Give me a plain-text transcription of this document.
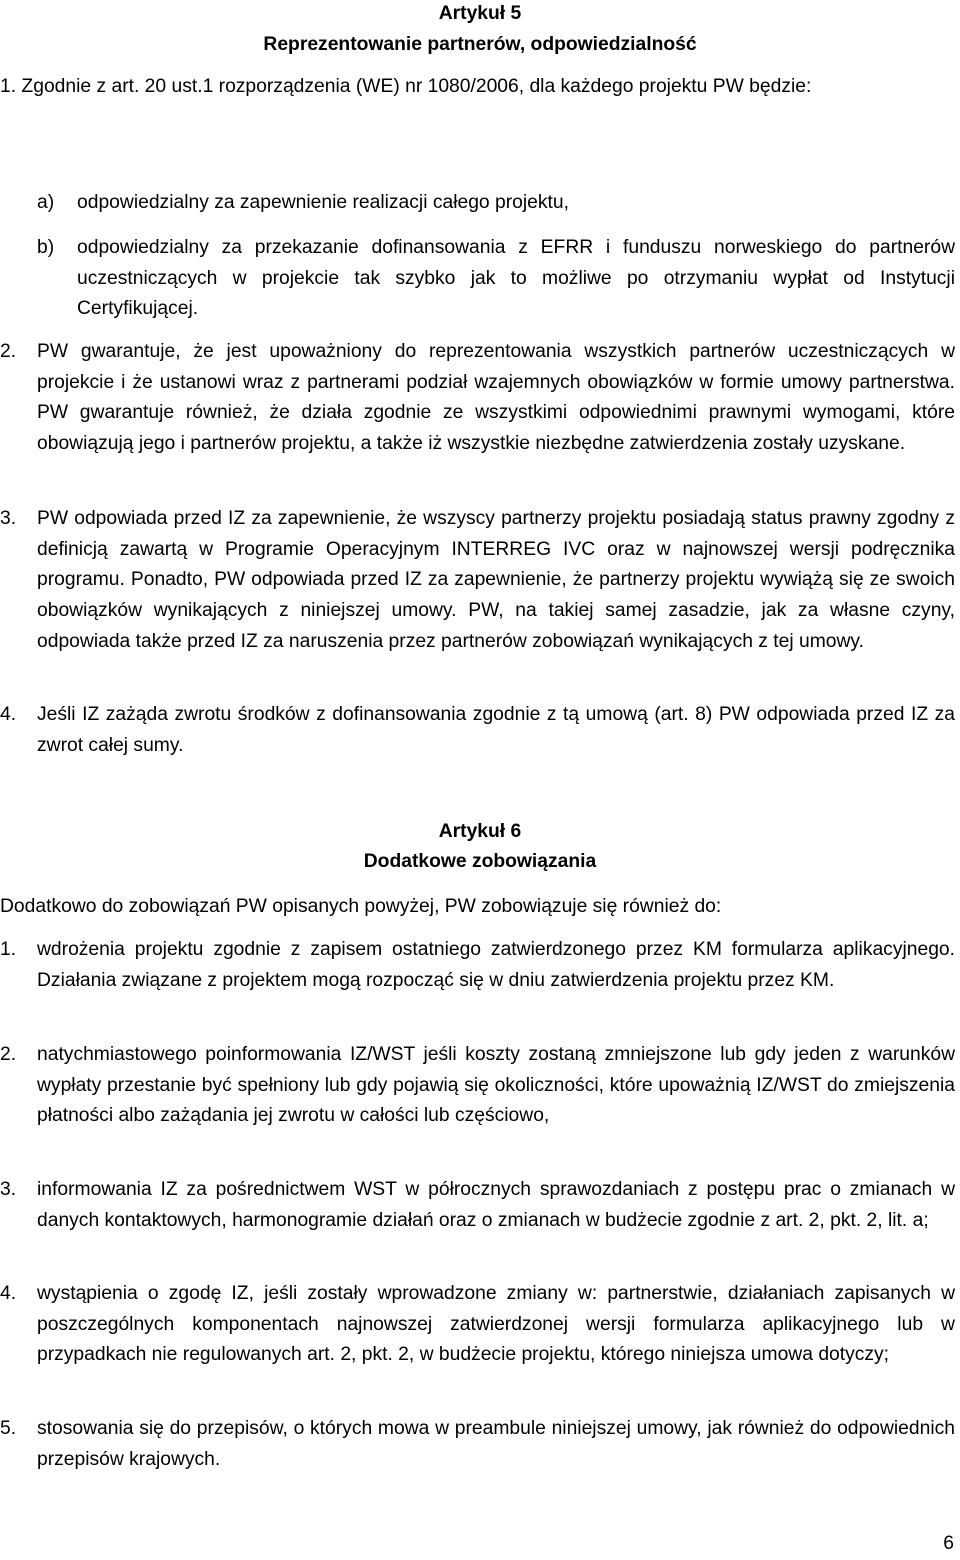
Artykuł 5
Reprezentowanie partnerów, odpowiedzialność
1. Zgodnie z art. 20 ust.1 rozporządzenia (WE) nr 1080/2006, dla każdego projektu PW będzie:
a) odpowiedzialny za zapewnienie realizacji całego projektu,
b) odpowiedzialny za przekazanie dofinansowania z EFRR i funduszu norweskiego do partnerów uczestniczących w projekcie tak szybko jak to możliwe po otrzymaniu wypłat od Instytucji Certyfikującej.
2. PW gwarantuje, że jest upoważniony do reprezentowania wszystkich partnerów uczestniczących w projekcie i że ustanowi wraz z partnerami podział wzajemnych obowiązków w formie umowy partnerstwa. PW gwarantuje również, że działa zgodnie ze wszystkimi odpowiednimi prawnymi wymogami, które obowiązują jego i partnerów projektu, a także iż wszystkie niezbędne zatwierdzenia zostały uzyskane.
3. PW odpowiada przed IZ za zapewnienie, że wszyscy partnerzy projektu posiadają status prawny zgodny z definicją zawartą w Programie Operacyjnym INTERREG IVC oraz w najnowszej wersji podręcznika programu. Ponadto, PW odpowiada przed IZ za zapewnienie, że partnerzy projektu wywiążą się ze swoich obowiązków wynikających z niniejszej umowy. PW, na takiej samej zasadzie, jak za własne czyny, odpowiada także przed IZ za naruszenia przez partnerów zobowiązań wynikających z tej umowy.
4. Jeśli IZ zażąda zwrotu środków z dofinansowania zgodnie z tą umową (art. 8) PW odpowiada przed IZ za zwrot całej sumy.
Artykuł 6
Dodatkowe zobowiązania
Dodatkowo do zobowiązań PW opisanych powyżej, PW zobowiązuje się również do:
1. wdrożenia projektu zgodnie z zapisem ostatniego zatwierdzonego przez KM formularza aplikacyjnego. Działania związane z projektem mogą rozpocząć się w dniu zatwierdzenia projektu przez KM.
2. natychmiastowego poinformowania IZ/WST jeśli koszty zostaną zmniejszone lub gdy jeden z warunków wypłaty przestanie być spełniony lub gdy pojawią się okoliczności, które upoważnią IZ/WST do zmiejszenia płatności albo zażądania jej zwrotu w całości lub częściowo,
3. informowania IZ za pośrednictwem WST w półrocznych sprawozdaniach z postępu prac o zmianach w danych kontaktowych, harmonogramie działań oraz o zmianach w budżecie zgodnie z art. 2, pkt. 2, lit. a;
4. wystąpienia o zgodę IZ, jeśli zostały wprowadzone zmiany w: partnerstwie, działaniach zapisanych w poszczególnych komponentach najnowszej zatwierdzonej wersji formularza aplikacyjnego lub w przypadkach nie regulowanych art. 2, pkt. 2, w budżecie projektu, którego niniejsza umowa dotyczy;
5. stosowania się do przepisów, o których mowa w preambule niniejszej umowy, jak również do odpowiednich przepisów krajowych.
6
